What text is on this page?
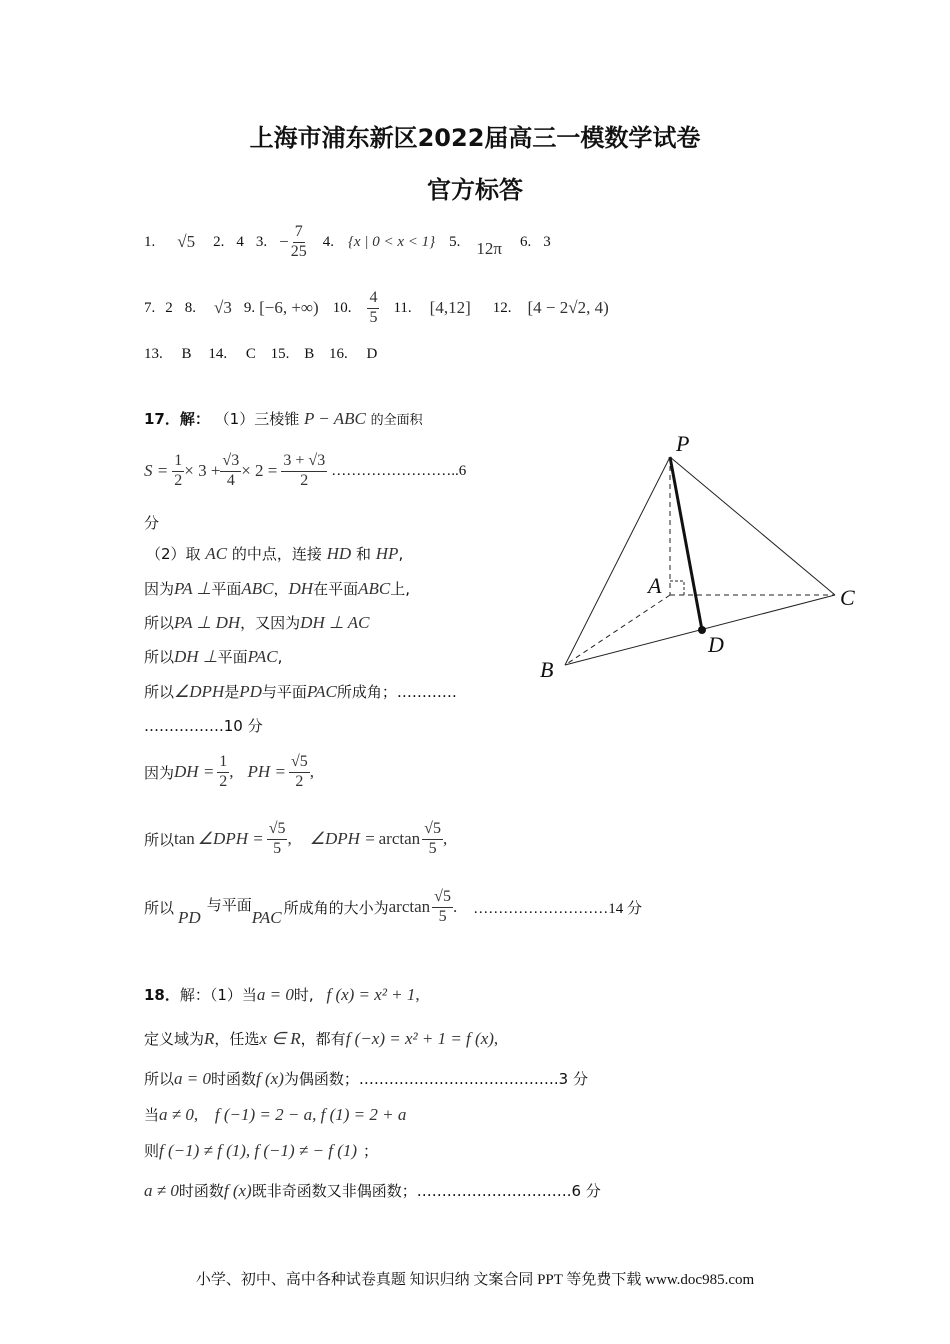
上海市浦东新区2022届高三一模数学试卷
官方标答
1. √5 2. 4 3. − $\frac{7}{25} 4$. {x | 0 < x < 1} 5. 12π 6. 3
7. 2 8. √3 9. [−6, +∞) 10. $\frac{4}{5} 11$. [4,12] 12. [4 − 2√2, 4)
13. B 14. C 15. B 16. D
17．解： （1）三棱锥 P − ABC 的全面积
$S = \frac{1}{2} \times 3 + \frac{√3}{4} \times 2 = \frac{3 + √3}{2}$ ……………………..6
分
（2）取 AC 的中点，连接 HD 和 HP,
因为PA ⊥平面ABC，DH在平面ABC上,
所以PA ⊥ DH，又因为DH ⊥ AC
所以DH ⊥平面PAC,
所以∠DPH是PD与平面PAC所成角；…………
…………….10 分
因为 DH = $\frac{1}{2}$ , PH = $\frac{√5}{2}$ ,
所以 tan ∠DPH = $\frac{√5}{5}$ , ∠DPH = $\arctan \frac{√5}{5}$ ,
所以
PD
与平面
PAC
所成角的大小为 $\arctan \frac{√5}{5}$ . ………………………14 分
P
A	C
D
B
18．解：（1）当a = 0时, f (x) = x² + 1,
定义域为R，任选x ∈ R，都有f (−x) = x² + 1 = f (x),
所以a = 0时函数f (x)为偶函数；………………………………….3 分
当a ≠ 0, f (−1) = 2 − a, f (1) = 2 + a
则f (−1) ≠ f (1), f (−1) ≠ − f (1) ；
a ≠ 0时函数f (x)既非奇函数又非偶函数；………………………….6 分
小学、初中、高中各种试卷真题 知识归纳 文案合同 PPT 等免费下载 www.doc985.com
